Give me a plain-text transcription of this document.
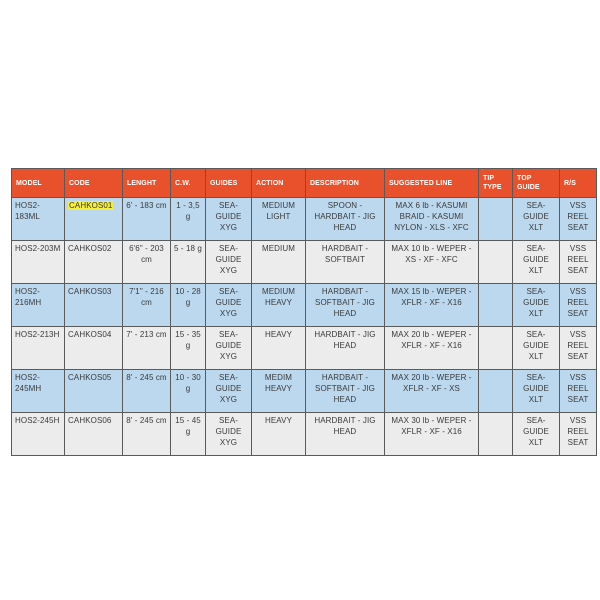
MODEL	CODE	LENGHT	C.W.	GUIDES	ACTION	DESCRIPTION	SUGGESTED LINE	TIP TYPE	TOP GUIDE	R/S
HOS2-183ML	CAHKOS01	6' - 183 cm	1 - 3,5 g	SEA-GUIDE XYG	MEDIUM LIGHT	SPOON - HARDBAIT - JIG HEAD	MAX 6 lb - KASUMI BRAID - KASUMI NYLON - XLS - XFC		SEA-GUIDE XLT	VSS REEL SEAT
HOS2-203M	CAHKOS02	6'6" - 203 cm	5 - 18 g	SEA-GUIDE XYG	MEDIUM	HARDBAIT - SOFTBAIT	MAX 10 lb - WEPER - XS - XF - XFC		SEA-GUIDE XLT	VSS REEL SEAT
HOS2-216MH	CAHKOS03	7'1" - 216 cm	10 - 28 g	SEA-GUIDE XYG	MEDIUM HEAVY	HARDBAIT - SOFTBAIT - JIG HEAD	MAX 15 lb - WEPER - XFLR - XF - X16		SEA-GUIDE XLT	VSS REEL SEAT
HOS2-213H	CAHKOS04	7' - 213 cm	15 - 35 g	SEA-GUIDE XYG	HEAVY	HARDBAIT - JIG HEAD	MAX 20 lb - WEPER - XFLR - XF - X16		SEA-GUIDE XLT	VSS REEL SEAT
HOS2-245MH	CAHKOS05	8' - 245 cm	10 - 30 g	SEA-GUIDE XYG	MEDIM HEAVY	HARDBAIT - SOFTBAIT - JIG HEAD	MAX 20 lb - WEPER - XFLR - XF - XS		SEA-GUIDE XLT	VSS REEL SEAT
HOS2-245H	CAHKOS06	8' - 245 cm	15 - 45 g	SEA-GUIDE XYG	HEAVY	HARDBAIT - JIG HEAD	MAX 30 lb - WEPER - XFLR - XF - X16		SEA-GUIDE XLT	VSS REEL SEAT
